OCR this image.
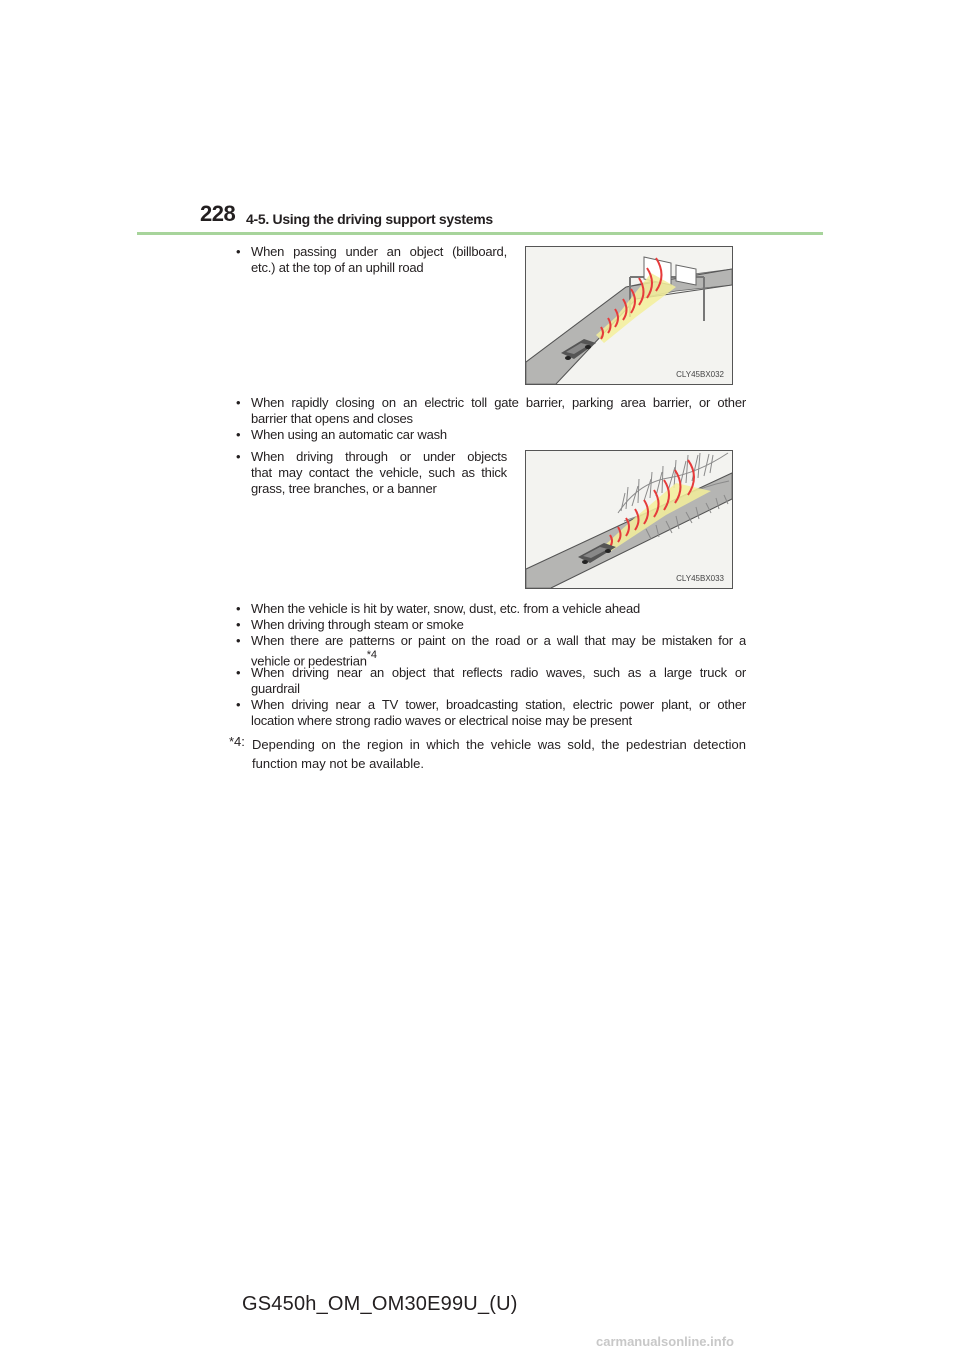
228 4-5. Using the driving support systems
• When passing under an object (billboard,
etc.) at the top of an uphill road
CLY45BX032
• When rapidly closing on an electric toll gate barrier, parking area barrier, or other
barrier that opens and closes
• When using an automatic car wash
• When driving through or under objects
that may contact the vehicle, such as thick
grass, tree branches, or a banner
CLY45BX033
• When the vehicle is hit by water, snow, dust, etc. from a vehicle ahead
• When driving through steam or smoke
• When there are patterns or paint on the road or a wall that may be mistaken for a
vehicle or pedestrian$^{*4}$
• When driving near an object that reflects radio waves, such as a large truck or
guardrail
• When driving near a TV tower, broadcasting station, electric power plant, or other
location where strong radio waves or electrical noise may be present
*4: Depending on the region in which the vehicle was sold, the pedestrian detection function may not be available.
GS450h_OM_OM30E99U_(U)
carmanualsonline.info
